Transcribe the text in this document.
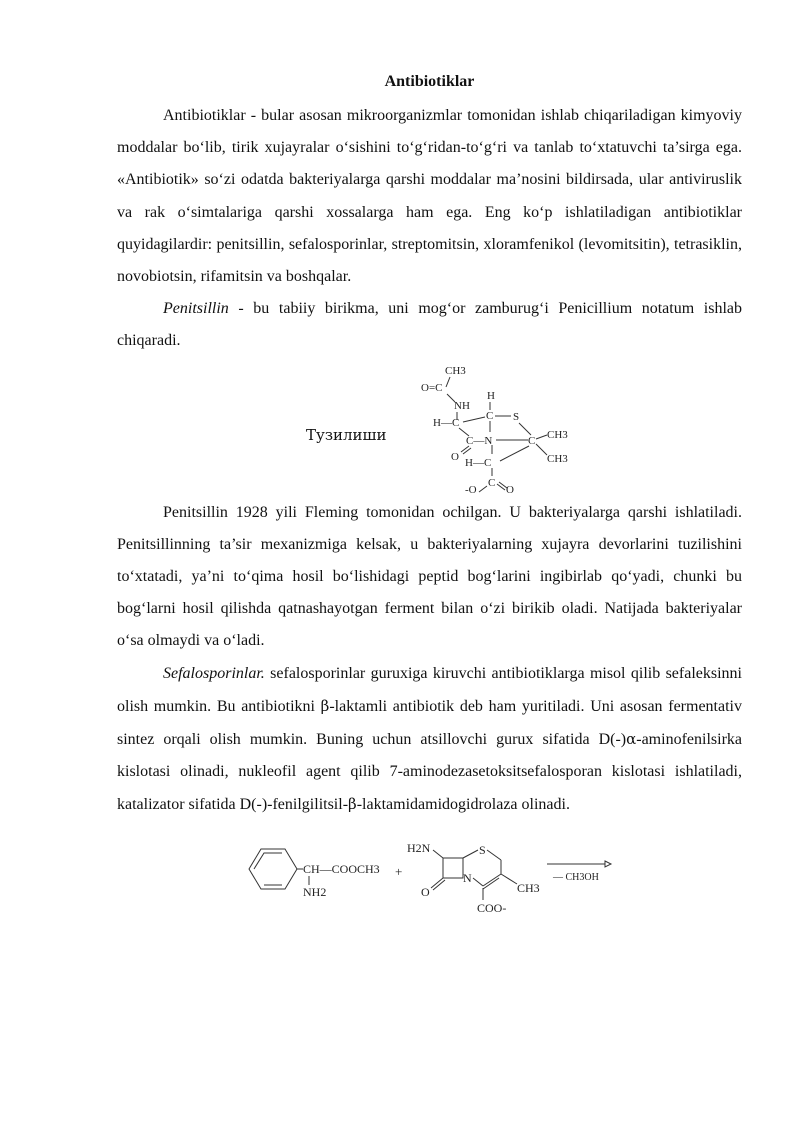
Antibiotiklar

Antibiotiklar - bular asosan mikroorganizmlar tomonidan ishlab chiqariladigan kimyoviy moddalar bo‘lib, tirik xujayralar o‘sishini to‘g‘ridan-to‘g‘ri va tanlab to‘xtatuvchi ta’sirga ega. «Antibiotik» so‘zi odatda bakteriyalarga qarshi moddalar ma’nosini bildirsada, ular antiviruslik va rak o‘simtalariga qarshi xossalarga ham ega. Eng ko‘p ishlatiladigan antibiotiklar quyidagilardir: penitsillin, sefalosporinlar, streptomitsin, xloramfenikol (levomitsitin), tetrasiklin, novobiotsin, rifamitsin va boshqalar.

Penitsillin - bu tabiiy birikma, uni mog‘or zamburug‘i Penicillium notatum ishlab chiqaradi.

Тузилиши
CH3
O=C
NH
H
H—C
C S
C—N	C CH3
CH3
O H—C
C
-O	O

Penitsillin 1928 yili Fleming tomonidan ochilgan. U bakteriyalarga qarshi ishlatiladi. Penitsillinning ta’sir mexanizmiga kelsak, u bakteriyalarning xujayra devorlarini tuzilishini to‘xtatadi, ya’ni to‘qima hosil bo‘lishidagi peptid bog‘larini ingibirlab qo‘yadi, chunki bu bog‘larni hosil qilishda qatnashayotgan ferment bilan o‘zi birikib oladi. Natijada bakteriyalar o‘sa olmaydi va o‘ladi.

Sefalosporinlar. sefalosporinlar guruxiga kiruvchi antibiotiklarga misol qilib sefaleksinni olish mumkin. Bu antibiotikni β-laktamli antibiotik deb ham yuritiladi. Uni asosan fermentativ sintez orqali olish mumkin. Buning uchun atsillovchi gurux sifatida D(-)α-aminofenilsirka kislotasi olinadi, nukleofil agent qilib 7-aminodezasetoksitsefalosporan kislotasi ishlatiladi, katalizator sifatida D(-)-fenilgilitsil-β-laktamidamidogidrolaza olinadi.

CH—COOCH3
NH2
+
H2N	S
CH3
N
O
COO-
— CH3OH
